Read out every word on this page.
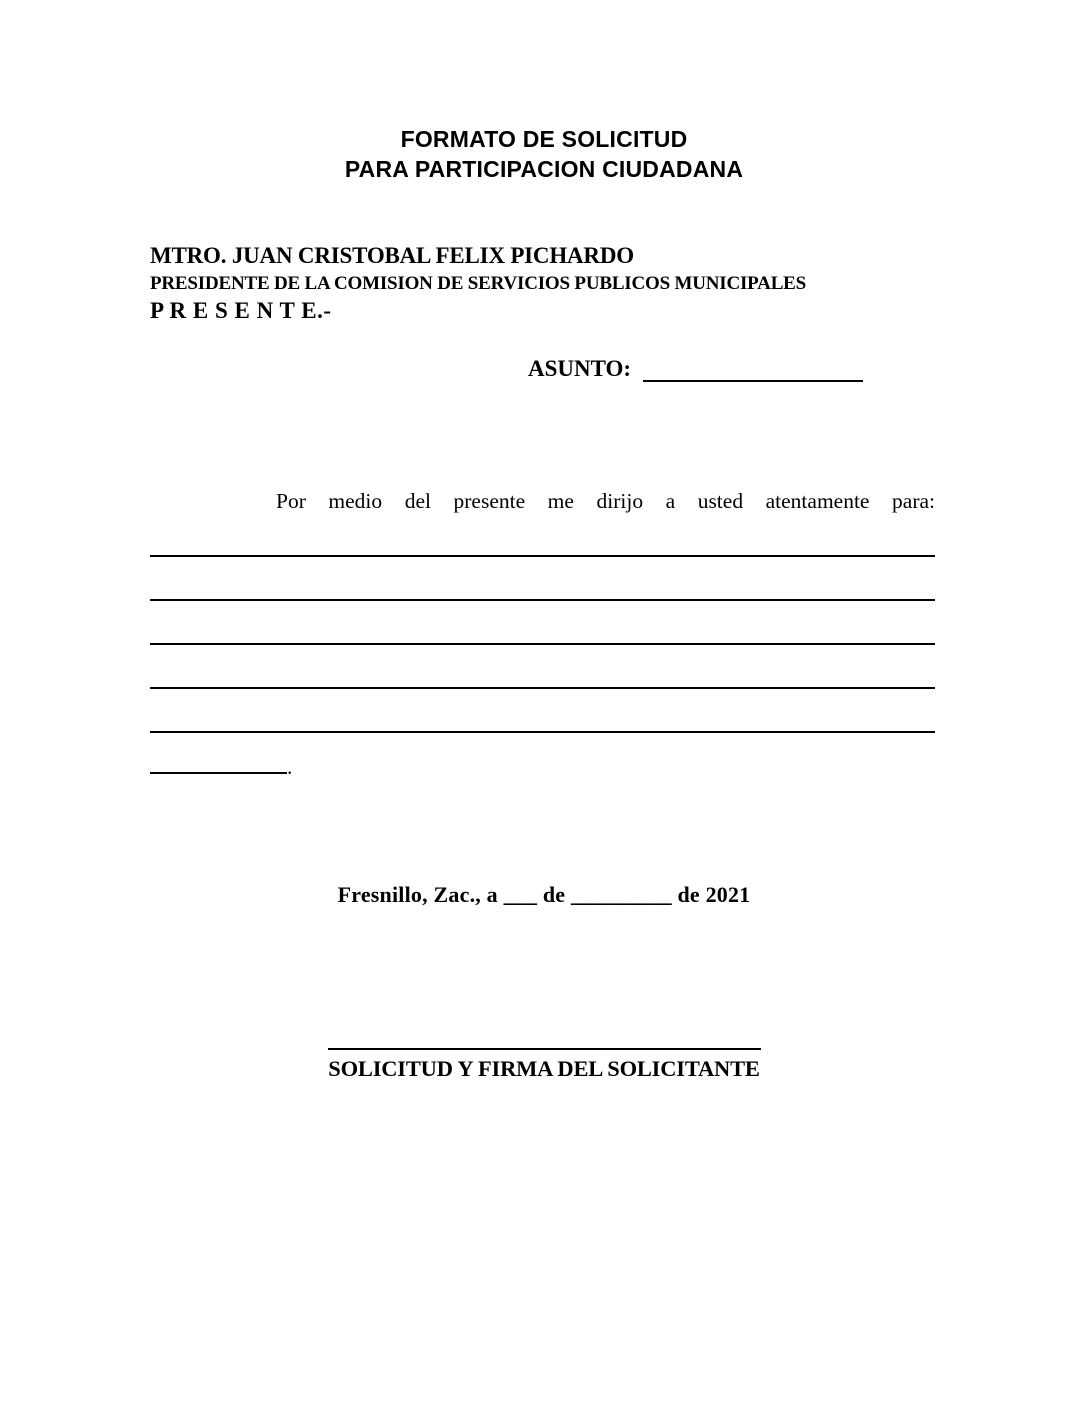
FORMATO DE SOLICITUD
PARA PARTICIPACION CIUDADANA
MTRO. JUAN CRISTOBAL FELIX PICHARDO
PRESIDENTE DE LA COMISION DE SERVICIOS PUBLICOS MUNICIPALES
P R E S E N T E.-
ASUNTO:
Por medio del presente me dirijo a usted atentamente para:
.
Fresnillo, Zac., a ___ de _________ de 2021
SOLICITUD Y FIRMA DEL SOLICITANTE
